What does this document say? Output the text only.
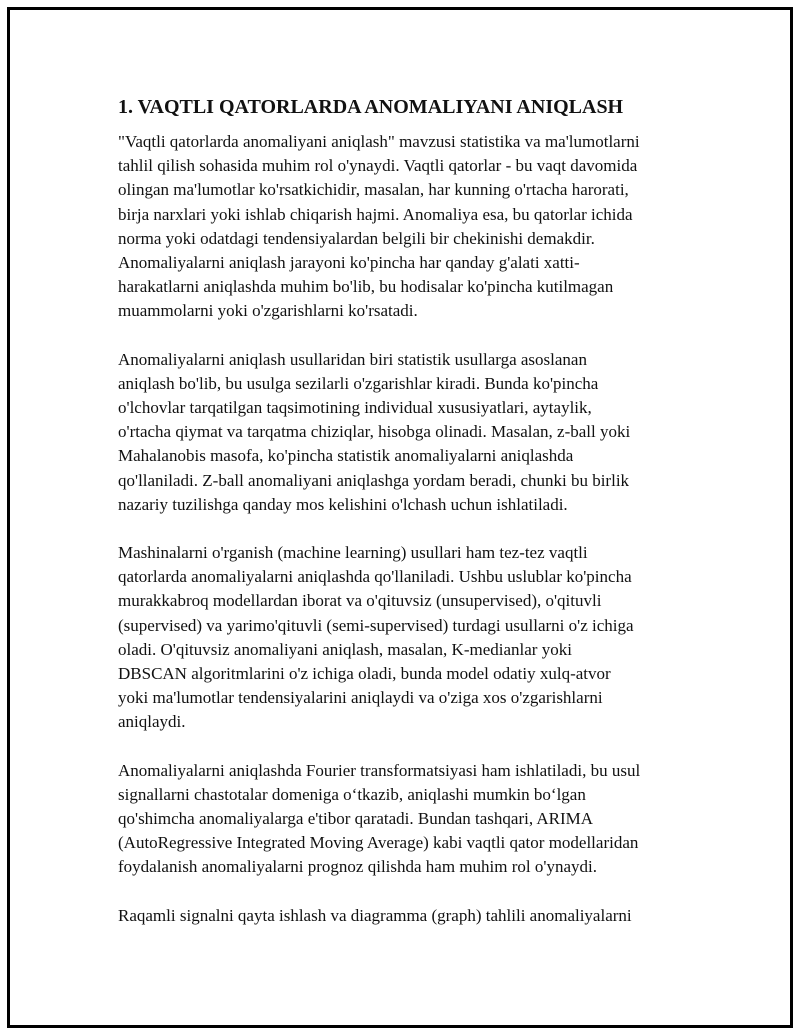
1. VAQTLI QATORLARDA ANOMALIYANI ANIQLASH

"Vaqtli qatorlarda anomaliyani aniqlash" mavzusi statistika va ma'lumotlarni
tahlil qilish sohasida muhim rol o'ynaydi. Vaqtli qatorlar - bu vaqt davomida
olingan ma'lumotlar ko'rsatkichidir, masalan, har kunning o'rtacha harorati,
birja narxlari yoki ishlab chiqarish hajmi. Anomaliya esa, bu qatorlar ichida
norma yoki odatdagi tendensiyalardan belgili bir chekinishi demakdir.
Anomaliyalarni aniqlash jarayoni ko'pincha har qanday g'alati xatti-
harakatlarni aniqlashda muhim bo'lib, bu hodisalar ko'pincha kutilmagan
muammolarni yoki o'zgarishlarni ko'rsatadi.

Anomaliyalarni aniqlash usullaridan biri statistik usullarga asoslanan
aniqlash bo'lib, bu usulga sezilarli o'zgarishlar kiradi. Bunda ko'pincha
o'lchovlar tarqatilgan taqsimotining individual xususiyatlari, aytaylik,
o'rtacha qiymat va tarqatma chiziqlar, hisobga olinadi. Masalan, z-ball yoki
Mahalanobis masofa, ko'pincha statistik anomaliyalarni aniqlashda
qo'llaniladi. Z-ball anomaliyani aniqlashga yordam beradi, chunki bu birlik
nazariy tuzilishga qanday mos kelishini o'lchash uchun ishlatiladi.

Mashinalarni o'rganish (machine learning) usullari ham tez-tez vaqtli
qatorlarda anomaliyalarni aniqlashda qo'llaniladi. Ushbu uslublar ko'pincha
murakkabroq modellardan iborat va o'qituvsiz (unsupervised), o'qituvli
(supervised) va yarimo'qituvli (semi-supervised) turdagi usullarni o'z ichiga
oladi. O'qituvsiz anomaliyani aniqlash, masalan, K-medianlar yoki
DBSCAN algoritmlarini o'z ichiga oladi, bunda model odatiy xulq-atvor
yoki ma'lumotlar tendensiyalarini aniqlaydi va o'ziga xos o'zgarishlarni
aniqlaydi.

Anomaliyalarni aniqlashda Fourier transformatsiyasi ham ishlatiladi, bu usul
signallarni chastotalar domeniga o‘tkazib, aniqlashi mumkin bo‘lgan
qo'shimcha anomaliyalarga e'tibor qaratadi. Bundan tashqari, ARIMA
(AutoRegressive Integrated Moving Average) kabi vaqtli qator modellaridan
foydalanish anomaliyalarni prognoz qilishda ham muhim rol o'ynaydi.

Raqamli signalni qayta ishlash va diagramma (graph) tahlili anomaliyalarni
